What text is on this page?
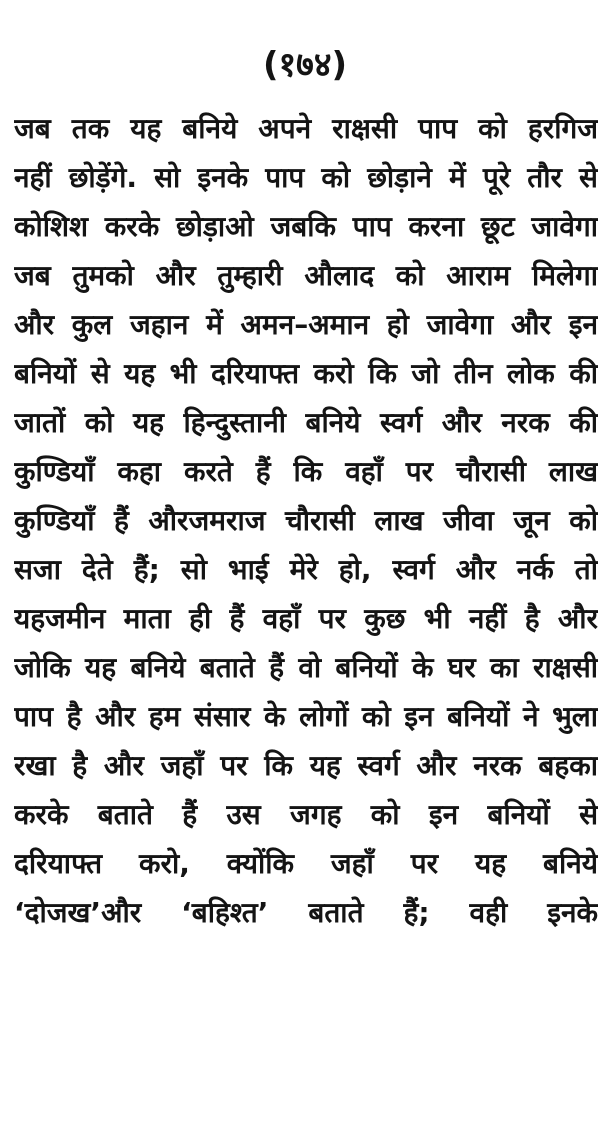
(१७४)
जब तक यह बनिये अपने राक्षसी पाप को हरगिज
नहीं छोड़ेंगे. सो इनके पाप को छोड़ाने में पूरे तौर से
कोशिश करके छोड़ाओ जबकि पाप करना छूट जावेगा
जब तुमको और तुम्हारी औलाद को आराम मिलेगा
और कुल जहान में अमन–अमान हो जावेगा और इन
बनियों से यह भी दरियाफ्त करो कि जो तीन लोक की
जातों को यह हिन्दुस्तानी बनिये स्वर्ग और नरक की
कुण्डियाँ कहा करते हैं कि वहाँ पर चौरासी लाख
कुण्डियाँ हैं औरजमराज चौरासी लाख जीवा जून को
सजा देते हैं; सो भाई मेरे हो, स्वर्ग और नर्क तो
यहजमीन माता ही हैं वहाँ पर कुछ भी नहीं है और
जोकि यह बनिये बताते हैं वो बनियों के घर का राक्षसी
पाप है और हम संसार के लोगों को इन बनियों ने भुला
रखा है और जहाँ पर कि यह स्वर्ग और नरक बहका
करके बताते हैं उस जगह को इन बनियों से
दरियाफ्त करो, क्योंकि जहाँ पर यह बनिये
‘दोजख’और ‘बहिश्त’ बताते हैं; वही इनके
